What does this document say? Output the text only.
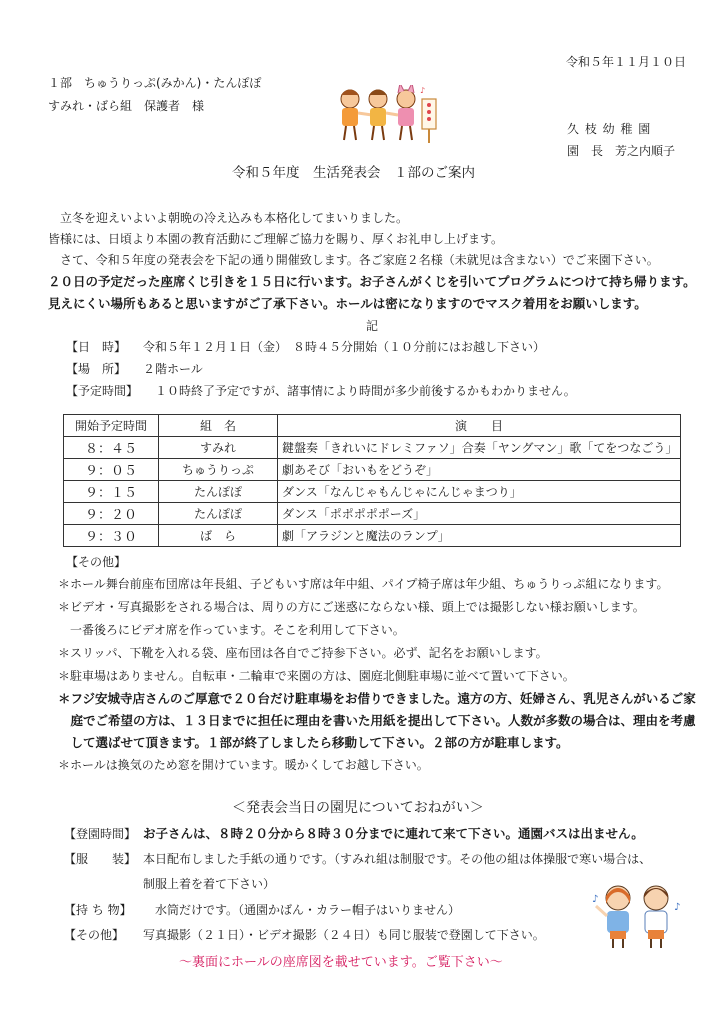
令和５年１１月１０日
１部　ちゅうりっぷ(みかん)・たんぽぽ
すみれ・ばら組　保護者　様
♪
久 枝 幼 稚 園
園　長　芳之内順子
令和５年度　生活発表会　１部のご案内
立冬を迎えいよいよ朝晩の冷え込みも本格化してまいりました。
皆様には、日頃より本園の教育活動にご理解ご協力を賜り、厚くお礼申し上げます。
さて、令和５年度の発表会を下記の通り開催致します。各ご家庭２名様（未就児は含まない）でご来園下さい。
２０日の予定だった座席くじ引きを１５日に行います。お子さんがくじを引いてプログラムにつけて持ち帰ります。
見えにくい場所もあると思いますがご了承下さい。ホールは密になりますのでマスク着用をお願いします。
記
【日　時】 令和５年１２月１日（金）　８時４５分開始（１０分前にはお越し下さい）
【場　所】 ２階ホール
【予定時間】 １０時終了予定ですが、諸事情により時間が多少前後するかもわかりません。
開始予定時間	組　名	演　　目
８：４５	すみれ	鍵盤奏「きれいにドレミファソ」合奏「ヤングマン」歌「てをつなごう」
９：０５	ちゅうりっぷ	劇あそび「おいもをどうぞ」
９：１５	たんぽぽ	ダンス「なんじゃもんじゃにんじゃまつり」
９：２０	たんぽぽ	ダンス「ポポポポポーズ」
９：３０	ば　ら	劇「アラジンと魔法のランプ」
【その他】
＊ホール舞台前座布団席は年長組、子どもいす席は年中組、パイプ椅子席は年少組、ちゅうりっぷ組になります。
＊ビデオ・写真撮影をされる場合は、周りの方にご迷惑にならない様、頭上では撮影しない様お願いします。
　一番後ろにビデオ席を作っています。そこを利用して下さい。
＊スリッパ、下靴を入れる袋、座布団は各自でご持参下さい。必ず、記名をお願いします。
＊駐車場はありません。自転車・二輪車で来園の方は、園庭北側駐車場に並べて置いて下さい。
＊フジ安城寺店さんのご厚意で２０台だけ駐車場をお借りできました。遠方の方、妊婦さん、乳児さんがいるご家
　庭でご希望の方は、１３日までに担任に理由を書いた用紙を提出して下さい。人数が多数の場合は、理由を考慮
　して選ばせて頂きます。１部が終了しましたら移動して下さい。２部の方が駐車します。
＊ホールは換気のため窓を開けています。暖かくしてお越し下さい。
＜発表会当日の園児についておねがい＞
【登園時間】 お子さんは、８時２０分から８時３０分までに連れて来て下さい。通園バスは出ません。
【服　　装】 本日配布しました手紙の通りです。（すみれ組は制服です。その他の組は体操服で寒い場合は、
制服上着を着て下さい）
【持 ち 物】 水筒だけです。（通園かばん・カラー帽子はいりません）
【その他】 写真撮影（２１日）・ビデオ撮影（２４日）も同じ服装で登園して下さい。
♪
♪
～裏面にホールの座席図を載せています。ご覧下さい～
